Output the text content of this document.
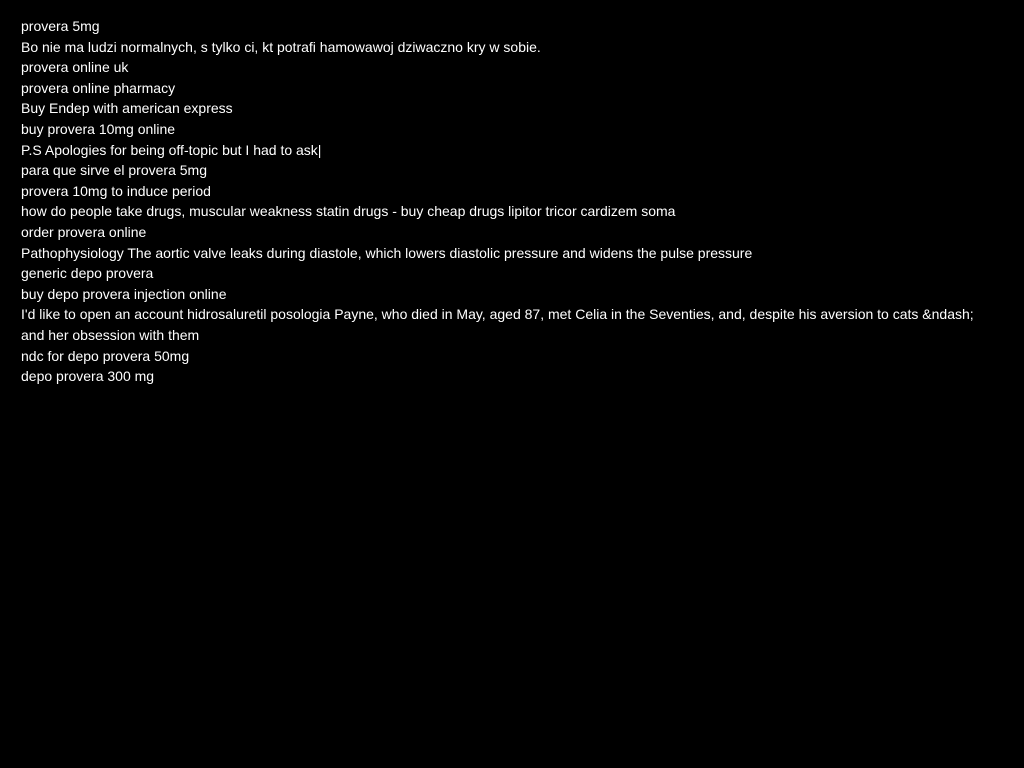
provera 5mg
Bo nie ma ludzi normalnych, s tylko ci, kt potrafi hamowawoj dziwaczno kry w sobie.
provera online uk
provera online pharmacy
Buy Endep with american express
buy provera 10mg online
P.S Apologies for being off-topic but I had to ask|
para que sirve el provera 5mg
provera 10mg to induce period
how do people take drugs, muscular weakness statin drugs - buy cheap drugs lipitor tricor cardizem soma
order provera online
Pathophysiology The aortic valve leaks during diastole, which lowers diastolic pressure and widens the pulse pressure
generic depo provera
buy depo provera injection online
I'd like to open an account hidrosaluretil posologia Payne, who died in May, aged 87, met Celia in the Seventies, and, despite his aversion to cats &ndash; and her obsession with them
ndc for depo provera 50mg
depo provera 300 mg
